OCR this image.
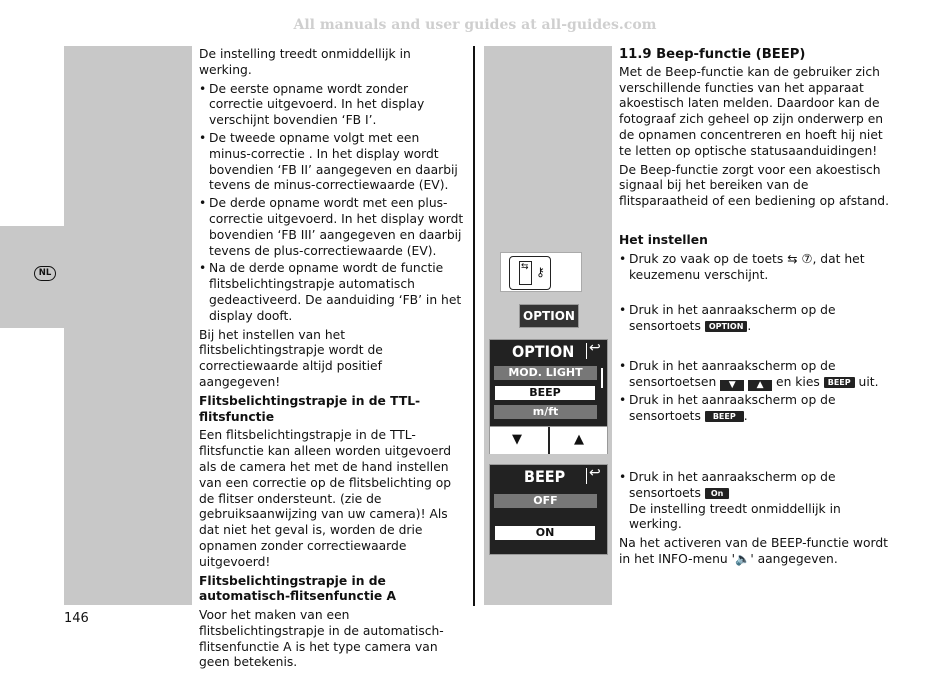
All manuals and user guides at all-guides.com
NL

De instelling treedt onmiddellijk in werking.

• De eerste opname wordt zonder correctie uitgevoerd. In het display verschijnt bovendien ‘FB I’.
• De tweede opname volgt met een minus-correctie . In het display wordt bovendien ‘FB II’ aangegeven en daarbij tevens de minus-correctiewaarde (EV).
• De derde opname wordt met een plus-correctie uitgevoerd. In het display wordt bovendien ‘FB III’ aangegeven en daarbij tevens de plus-correctiewaarde (EV).
• Na de derde opname wordt de functie flitsbelichtingstrapje automatisch gedeactiveerd. De aanduiding ‘FB’ in het display dooft.

Bij het instellen van het flitsbelichtingstrapje wordt de correctiewaarde altijd positief aangegeven!

Flitsbelichtingstrapje in de TTL-flitsfunctie

Een flitsbelichtingstrapje in de TTL-flitsfunctie kan alleen worden uitgevoerd als de camera het met de hand instellen van een correctie op de flitsbelichting op de flitser ondersteunt. (zie de gebruiksaanwijzing van uw camera)! Als dat niet het geval is, worden de drie opnamen zonder correctiewaarde uitgevoerd!

Flitsbelichtingstrapje in de automatisch-flitsenfunctie A

Voor het maken van een flitsbelichtingstrapje in de automatisch-flitsenfunctie A is het type camera van geen betekenis.

146
⇆ ⚷
OPTION
OPTION ↩
MOD. LIGHT
BEEP
m/ft
▼	▲
BEEP ↩
OFF
ON
11.9 Beep-functie (BEEP)

Met de Beep-functie kan de gebruiker zich verschillende functies van het apparaat akoestisch laten melden. Daardoor kan de fotograaf zich geheel op zijn onderwerp en de opnamen concentreren en hoeft hij niet te letten op optische statusaanduidingen!

De Beep-functie zorgt voor een akoestisch signaal bij het bereiken van de flitsparaatheid of een bediening op afstand.

Het instellen

• Druk zo vaak op de toets ⇆ ⑦, dat het keuzemenu verschijnt.
• Druk in het aanraakscherm op de sensortoets OPTION .
• Druk in het aanraakscherm op de sensortoetsen ▼ ▲ en kies BEEP uit.
• Druk in het aanraakscherm op de sensortoets BEEP .
• Druk in het aanraakscherm op de sensortoets On
De instelling treedt onmiddellijk in werking.

Na het activeren van de BEEP-functie wordt in het INFO-menu '🔈' aangegeven.
